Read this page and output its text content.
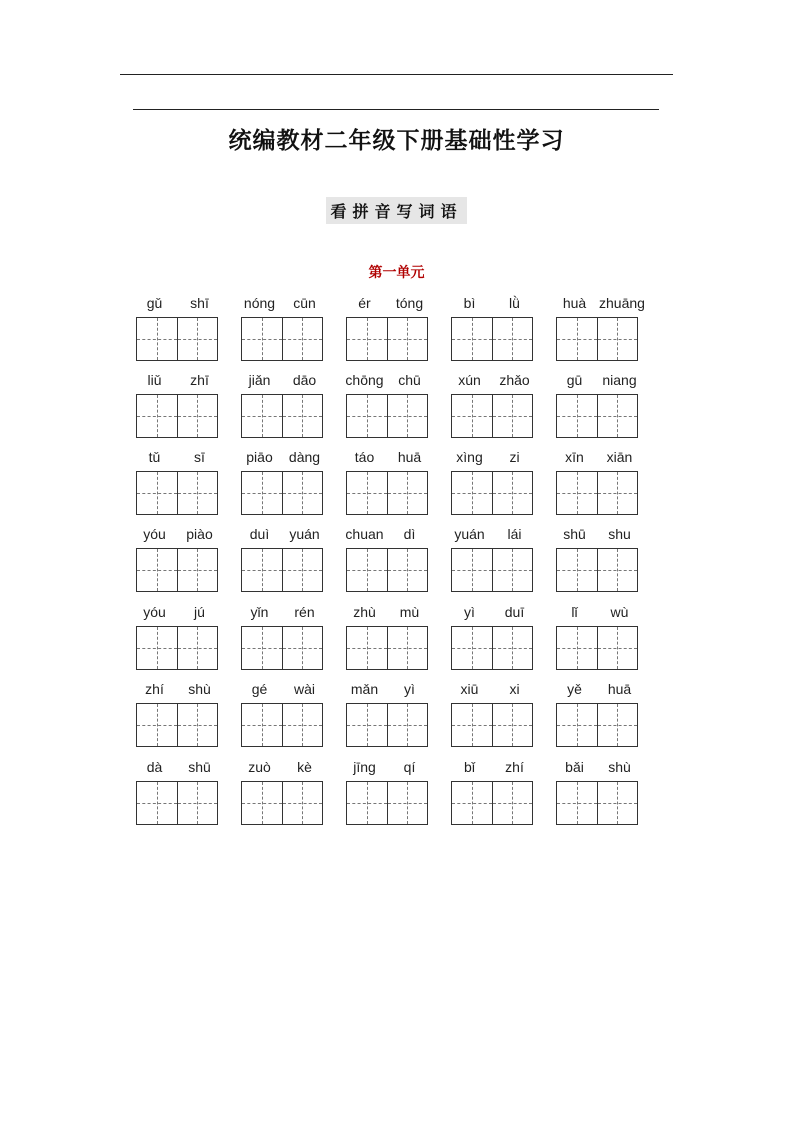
统编教材二年级下册基础性学习
看拼音写词语
第一单元
gǔ	shī	nóng	cūn	ér	tóng	bì	lǜ	huà zhuāng
liǔ	zhī	jiǎn	dāo	chōng	chū	xún	zhǎo	gū	niang
tǔ	sī	piāo	dàng	táo	huā	xìng	zi	xīn	xiān
yóu	piào	duì	yuán	chuan	dì	yuán	lái	shū	shu
yóu	jú	yǐn	rén	zhù	mù	yì	duī	lǐ	wù
zhí	shù	gé	wài	mǎn	yì	xiū	xi	yě	huā
dà	shū	zuò	kè	jīng	qí	bǐ	zhí	bǎi	shù
